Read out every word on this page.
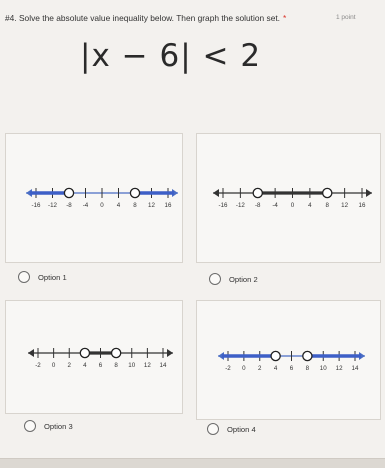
#4. Solve the absolute value inequality below. Then graph the solution set. *	1 point
|x − 6| < 2
-16 -12 -8 -4 0 4 8 12 16	-16 -12 -8 -4 0 4 8 12 16
-2 0 2 4 6 8 10 12 14	-2 0 2 4 6 8 10 12 14
Option 1	Option 2
Option 3	Option 4
